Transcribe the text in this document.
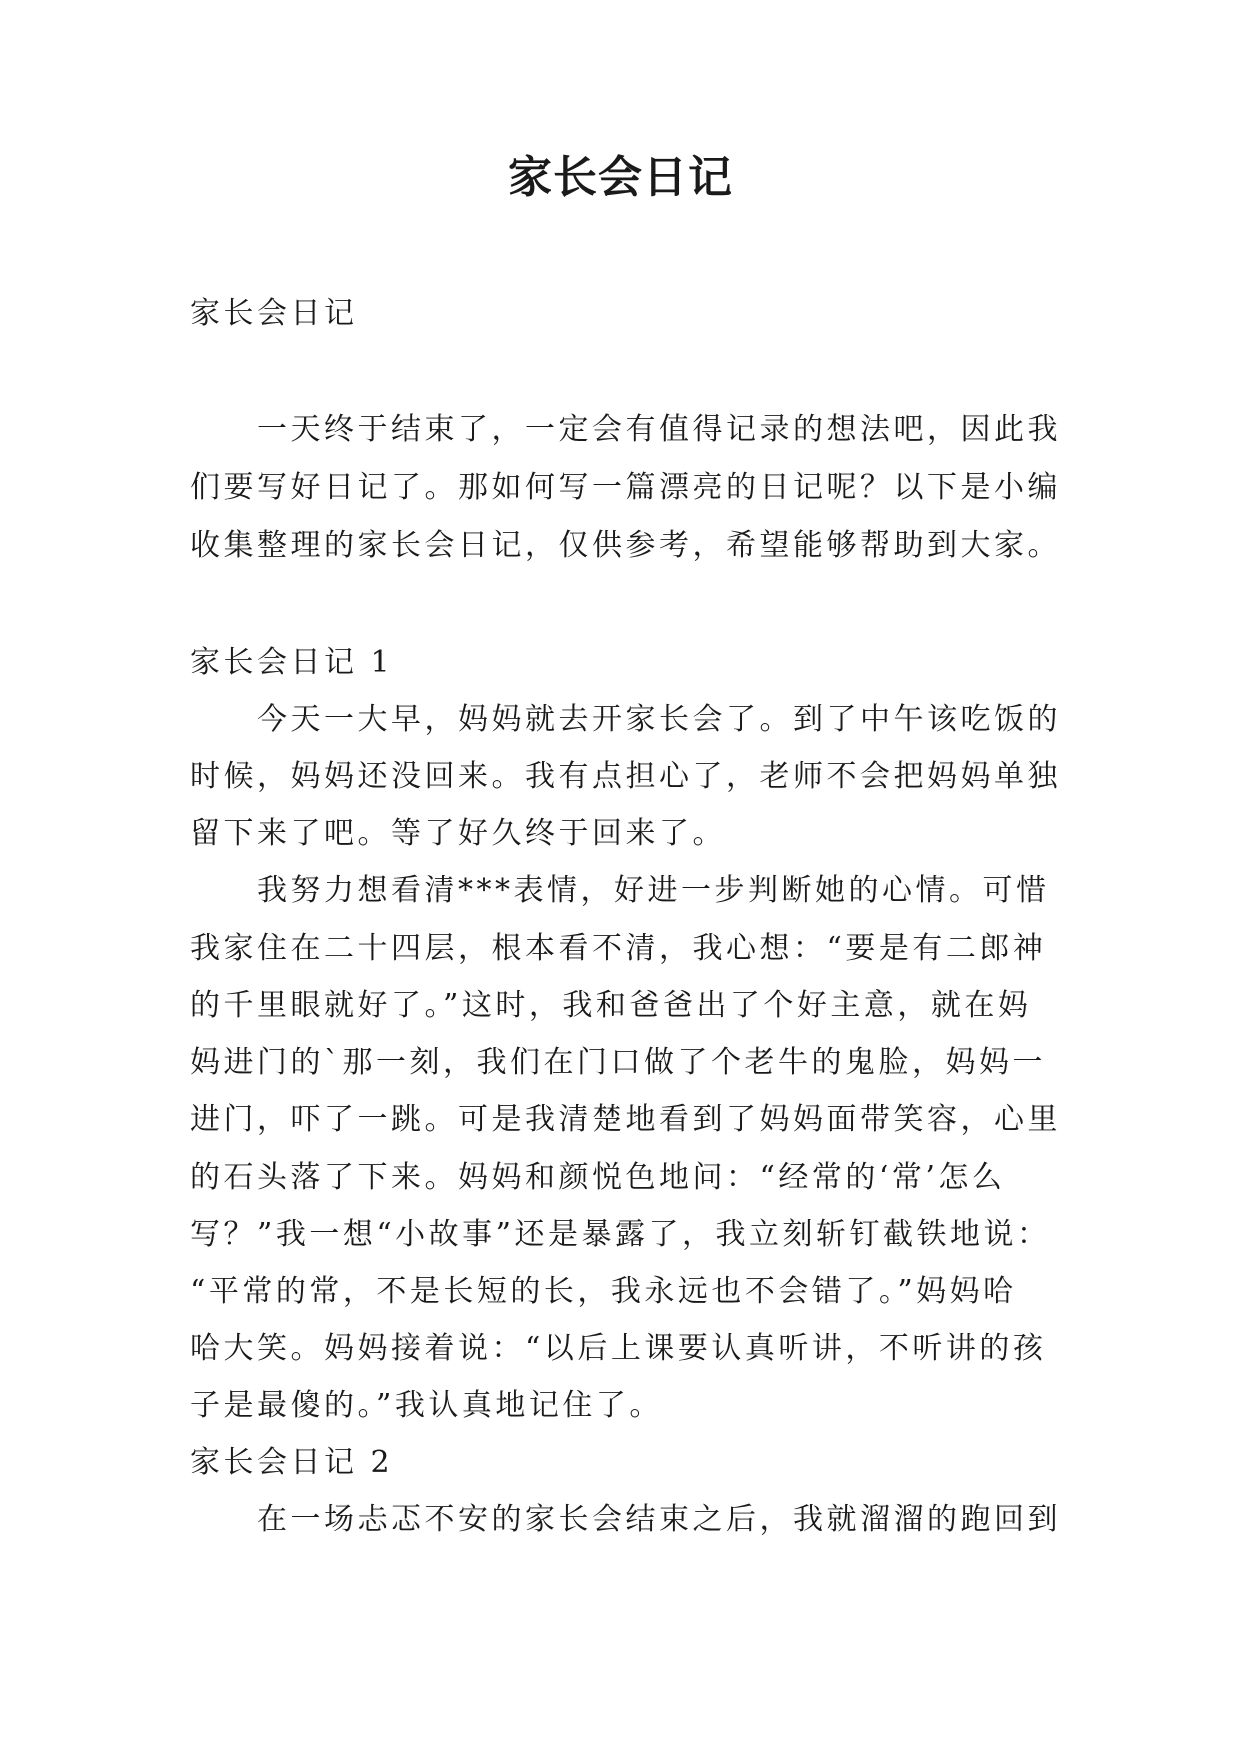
家长会日记

家长会日记

一天终于结束了，一定会有值得记录的想法吧，因此我

们要写好日记了。那如何写一篇漂亮的日记呢？以下是小编

收集整理的家长会日记，仅供参考，希望能够帮助到大家。

家长会日记 1

今天一大早，妈妈就去开家长会了。到了中午该吃饭的

时候，妈妈还没回来。我有点担心了，老师不会把妈妈单独

留下来了吧。等了好久终于回来了。

我努力想看清***表情，好进一步判断她的心情。可惜

我家住在二十四层，根本看不清，我心想：“要是有二郎神

的千里眼就好了。”这时，我和爸爸出了个好主意，就在妈

妈进门的`那一刻，我们在门口做了个老牛的鬼脸，妈妈一

进门，吓了一跳。可是我清楚地看到了妈妈面带笑容，心里

的石头落了下来。妈妈和颜悦色地问：“经常的‘常’怎么

写？”我一想“小故事”还是暴露了，我立刻斩钉截铁地说：

“平常的常，不是长短的长，我永远也不会错了。”妈妈哈

哈大笑。妈妈接着说：“以后上课要认真听讲，不听讲的孩

子是最傻的。”我认真地记住了。

家长会日记 2

在一场忐忑不安的家长会结束之后，我就溜溜的跑回到
